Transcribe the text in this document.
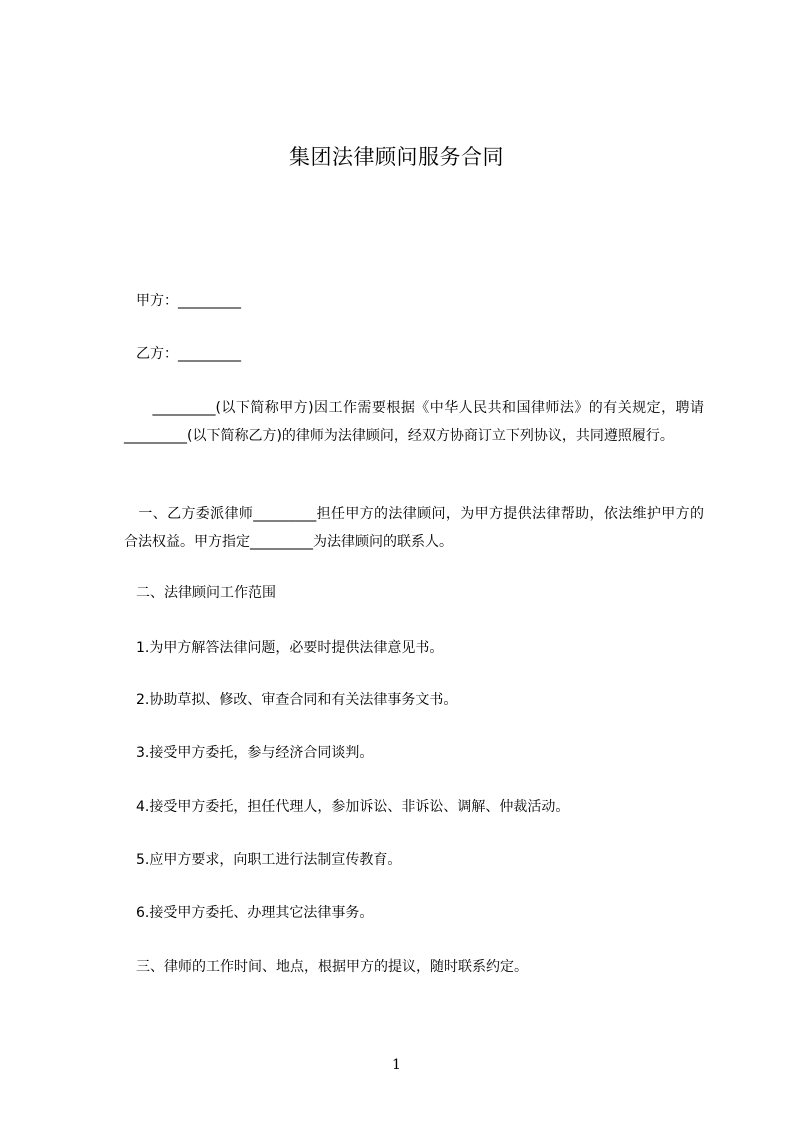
集团法律顾问服务合同
甲方：_________
乙方：_________
　_________(以下简称甲方)因工作需要根据《中华人民共和国律师法》的有关规定，聘请_________(以下简称乙方)的律师为法律顾问，经双方协商订立下列协议，共同遵照履行。
　一、乙方委派律师_________担任甲方的法律顾问，为甲方提供法律帮助，依法维护甲方的合法权益。甲方指定_________为法律顾问的联系人。
二、法律顾问工作范围
1.为甲方解答法律问题，必要时提供法律意见书。
2.协助草拟、修改、审查合同和有关法律事务文书。
3.接受甲方委托，参与经济合同谈判。
4.接受甲方委托，担任代理人，参加诉讼、非诉讼、调解、仲裁活动。
5.应甲方要求，向职工进行法制宣传教育。
6.接受甲方委托、办理其它法律事务。
三、律师的工作时间、地点，根据甲方的提议，随时联系约定。
1
